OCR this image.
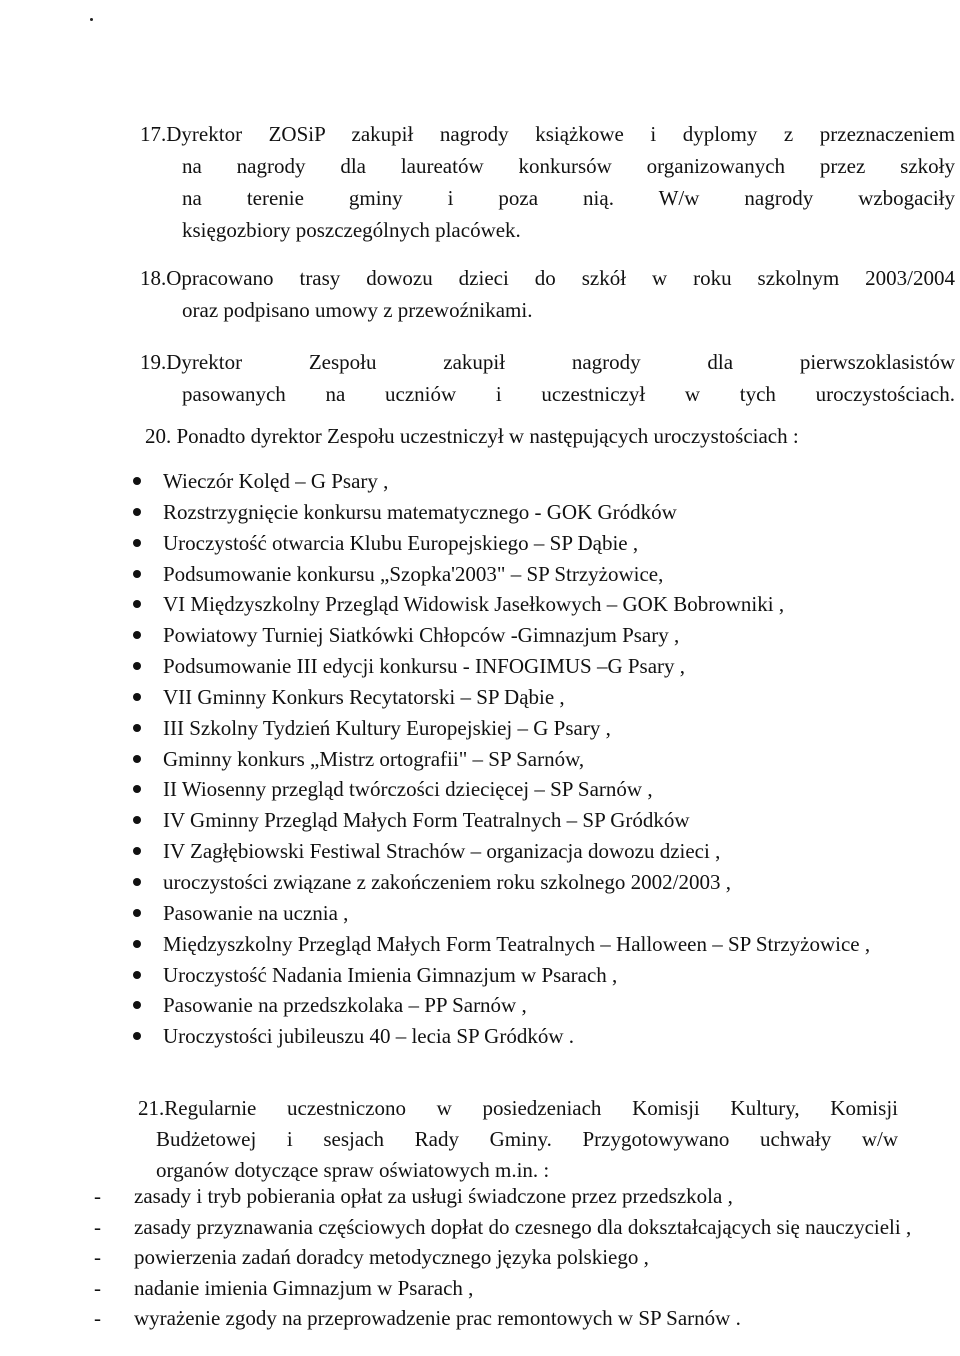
17.Dyrektor ZOSiP zakupił nagrody książkowe i dyplomy z przeznaczeniem
na nagrody dla laureatów konkursów organizowanych przez szkoły
na terenie gminy i poza nią. W/w nagrody wzbogaciły
księgozbiory poszczególnych placówek.
18.Opracowano trasy dowozu dzieci do szkół w roku szkolnym 2003/2004
oraz podpisano umowy z przewoźnikami.
19.Dyrektor Zespołu zakupił nagrody dla pierwszoklasistów
pasowanych na uczniów i uczestniczył w tych uroczystościach.
20. Ponadto dyrektor Zespołu uczestniczył w następujących uroczystościach :
Wieczór Kolęd – G Psary ,
Rozstrzygnięcie konkursu matematycznego - GOK Gródków
Uroczystość otwarcia Klubu Europejskiego – SP Dąbie ,
Podsumowanie konkursu „Szopka'2003" – SP Strzyżowice,
VI Międzyszkolny Przegląd Widowisk Jasełkowych – GOK Bobrowniki ,
Powiatowy Turniej Siatkówki Chłopców -Gimnazjum Psary ,
Podsumowanie III edycji konkursu - INFOGIMUS –G Psary ,
VII Gminny Konkurs Recytatorski – SP Dąbie ,
III Szkolny Tydzień Kultury Europejskiej – G Psary ,
Gminny konkurs „Mistrz ortografii" – SP Sarnów,
II Wiosenny przegląd twórczości dziecięcej – SP Sarnów ,
IV Gminny Przegląd Małych Form Teatralnych – SP Gródków
IV Zagłębiowski Festiwal Strachów – organizacja dowozu dzieci ,
uroczystości związane z zakończeniem roku szkolnego 2002/2003 ,
Pasowanie na ucznia ,
Międzyszkolny Przegląd Małych Form Teatralnych – Halloween – SP Strzyżowice ,
Uroczystość Nadania Imienia Gimnazjum w Psarach ,
Pasowanie na przedszkolaka – PP Sarnów ,
Uroczystości jubileuszu 40 – lecia SP Gródków .
21.Regularnie uczestniczono w posiedzeniach Komisji Kultury, Komisji
Budżetowej i sesjach Rady Gminy. Przygotowywano uchwały w/w
organów dotyczące spraw oświatowych m.in. :
- zasady i tryb pobierania opłat za usługi świadczone przez przedszkola ,
- zasady przyznawania częściowych dopłat do czesnego dla dokształcających się nauczycieli ,
- powierzenia zadań doradcy metodycznego języka polskiego ,
- nadanie imienia Gimnazjum w Psarach ,
- wyrażenie zgody na przeprowadzenie prac remontowych w SP Sarnów .
